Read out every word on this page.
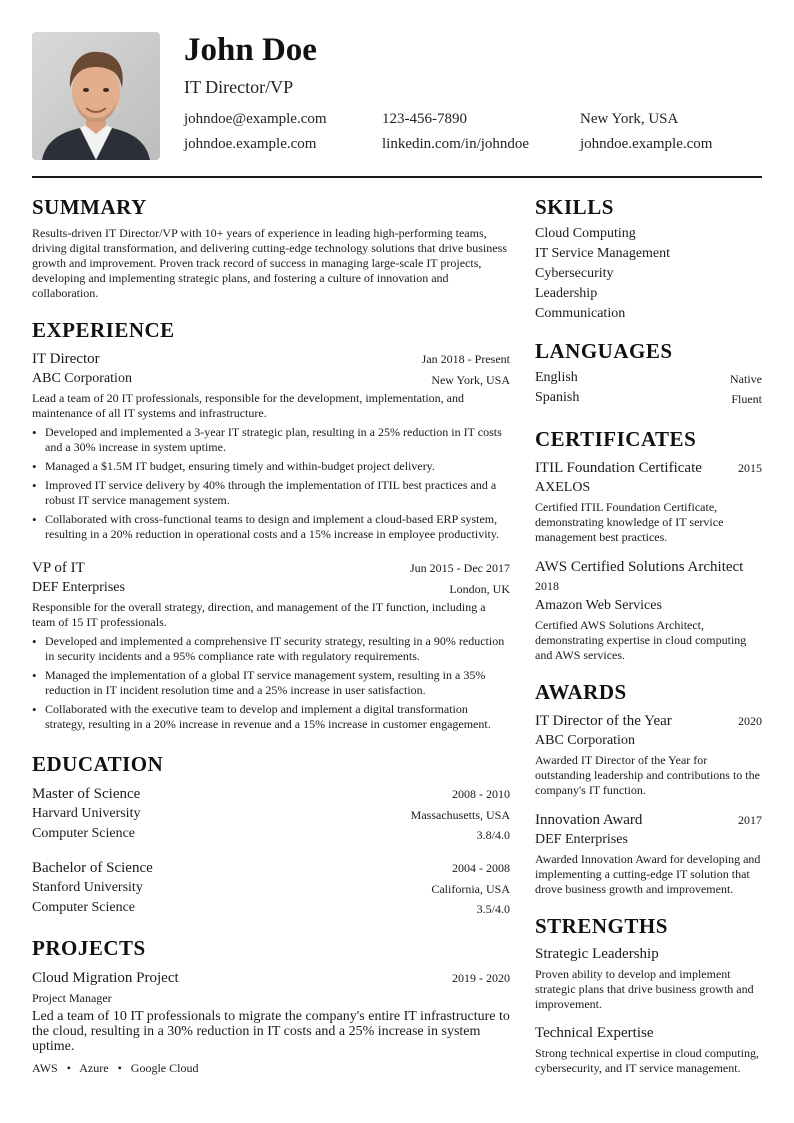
John Doe
IT Director/VP
johndoe@example.com	123-456-7890	New York, USA
johndoe.example.com	linkedin.com/in/johndoe	johndoe.example.com
SUMMARY
Results-driven IT Director/VP with 10+ years of experience in leading high-performing teams, driving digital transformation, and delivering cutting-edge technology solutions that drive business growth and improvement. Proven track record of success in managing large-scale IT projects, developing and implementing strategic plans, and fostering a culture of innovation and collaboration.
EXPERIENCE
IT Director	Jan 2018 - Present
ABC Corporation	New York, USA
Lead a team of 20 IT professionals, responsible for the development, implementation, and maintenance of all IT systems and infrastructure.
• Developed and implemented a 3-year IT strategic plan, resulting in a 25% reduction in IT costs and a 30% increase in system uptime.
• Managed a $1.5M IT budget, ensuring timely and within-budget project delivery.
• Improved IT service delivery by 40% through the implementation of ITIL best practices and a robust IT service management system.
• Collaborated with cross-functional teams to design and implement a cloud-based ERP system, resulting in a 20% reduction in operational costs and a 15% increase in employee productivity.
VP of IT	Jun 2015 - Dec 2017
DEF Enterprises	London, UK
Responsible for the overall strategy, direction, and management of the IT function, including a team of 15 IT professionals.
• Developed and implemented a comprehensive IT security strategy, resulting in a 90% reduction in security incidents and a 95% compliance rate with regulatory requirements.
• Managed the implementation of a global IT service management system, resulting in a 35% reduction in IT incident resolution time and a 25% increase in user satisfaction.
• Collaborated with the executive team to develop and implement a digital transformation strategy, resulting in a 20% increase in revenue and a 15% increase in customer engagement.
EDUCATION
Master of Science	2008 - 2010
Harvard University	Massachusetts, USA
Computer Science	3.8/4.0
Bachelor of Science	2004 - 2008
Stanford University	California, USA
Computer Science	3.5/4.0
PROJECTS
Cloud Migration Project	2019 - 2020
Project Manager
Led a team of 10 IT professionals to migrate the company's entire IT infrastructure to the cloud, resulting in a 30% reduction in IT costs and a 25% increase in system uptime.
AWS • Azure • Google Cloud
SKILLS
Cloud Computing
IT Service Management
Cybersecurity
Leadership
Communication
LANGUAGES
English	Native
Spanish	Fluent
CERTIFICATES
ITIL Foundation Certificate	2015
AXELOS
Certified ITIL Foundation Certificate, demonstrating knowledge of IT service management best practices.
AWS Certified Solutions Architect
2018
Amazon Web Services
Certified AWS Solutions Architect, demonstrating expertise in cloud computing and AWS services.
AWARDS
IT Director of the Year	2020
ABC Corporation
Awarded IT Director of the Year for outstanding leadership and contributions to the company's IT function.
Innovation Award	2017
DEF Enterprises
Awarded Innovation Award for developing and implementing a cutting-edge IT solution that drove business growth and improvement.
STRENGTHS
Strategic Leadership
Proven ability to develop and implement strategic plans that drive business growth and improvement.
Technical Expertise
Strong technical expertise in cloud computing, cybersecurity, and IT service management.
